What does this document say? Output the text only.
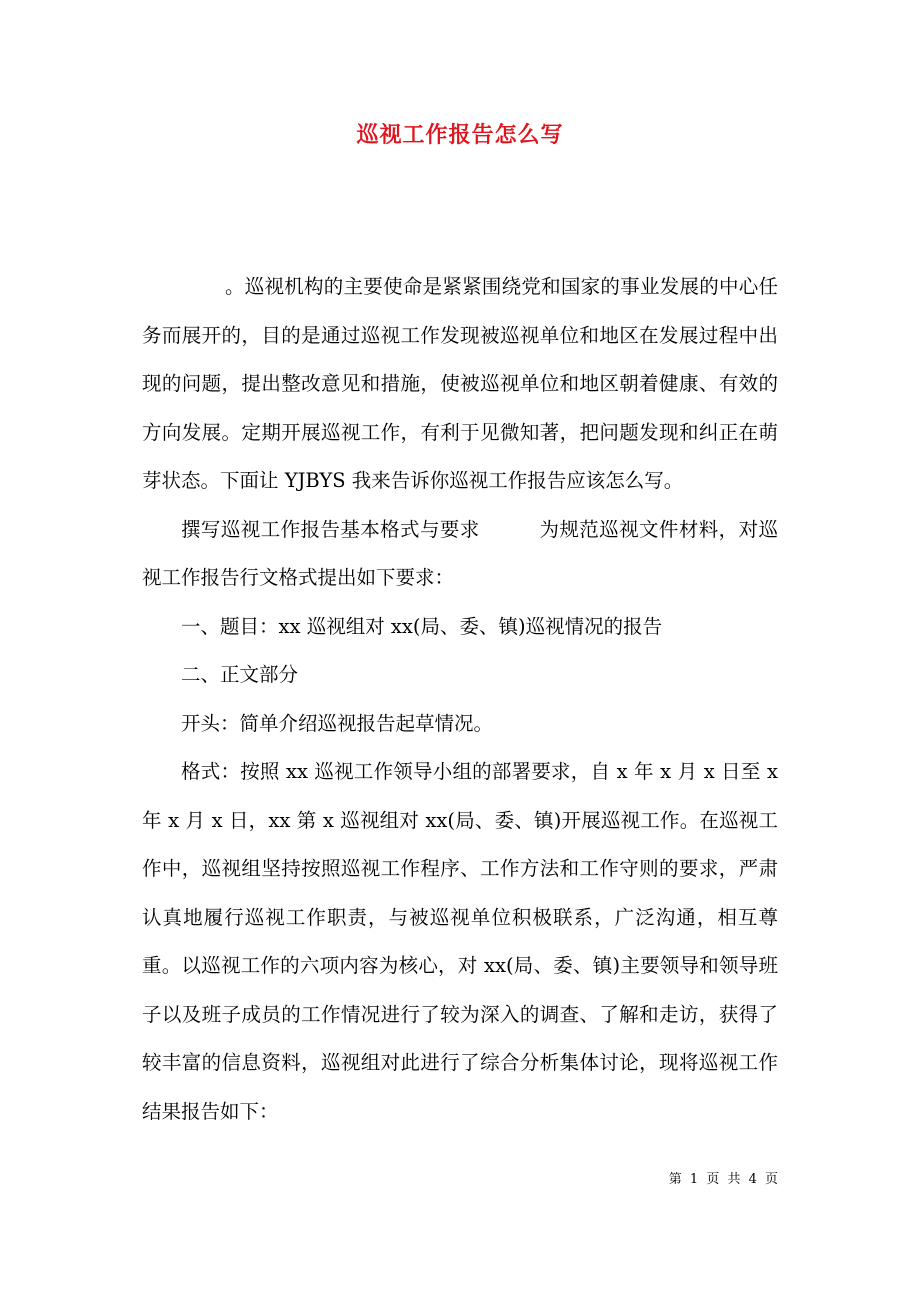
巡视工作报告怎么写

。巡视机构的主要使命是紧紧围绕党和国家的事业发展的中心任务而展开的，目的是通过巡视工作发现被巡视单位和地区在发展过程中出现的问题，提出整改意见和措施，使被巡视单位和地区朝着健康、有效的方向发展。定期开展巡视工作，有利于见微知著，把问题发现和纠正在萌芽状态。下面让 YJBYS 我来告诉你巡视工作报告应该怎么写。

撰写巡视工作报告基本格式与要求　　　为规范巡视文件材料，对巡视工作报告行文格式提出如下要求：

一、题目：xx 巡视组对 xx(局、委、镇)巡视情况的报告

二、正文部分

开头：简单介绍巡视报告起草情况。

格式：按照 xx 巡视工作领导小组的部署要求，自 x 年 x 月 x 日至 x 年 x 月 x 日，xx 第 x 巡视组对 xx(局、委、镇)开展巡视工作。在巡视工作中，巡视组坚持按照巡视工作程序、工作方法和工作守则的要求，严肃认真地履行巡视工作职责，与被巡视单位积极联系，广泛沟通，相互尊重。以巡视工作的六项内容为核心，对 xx(局、委、镇)主要领导和领导班子以及班子成员的工作情况进行了较为深入的调查、了解和走访，获得了较丰富的信息资料，巡视组对此进行了综合分析集体讨论，现将巡视工作结果报告如下：

第 1 页 共 4 页
